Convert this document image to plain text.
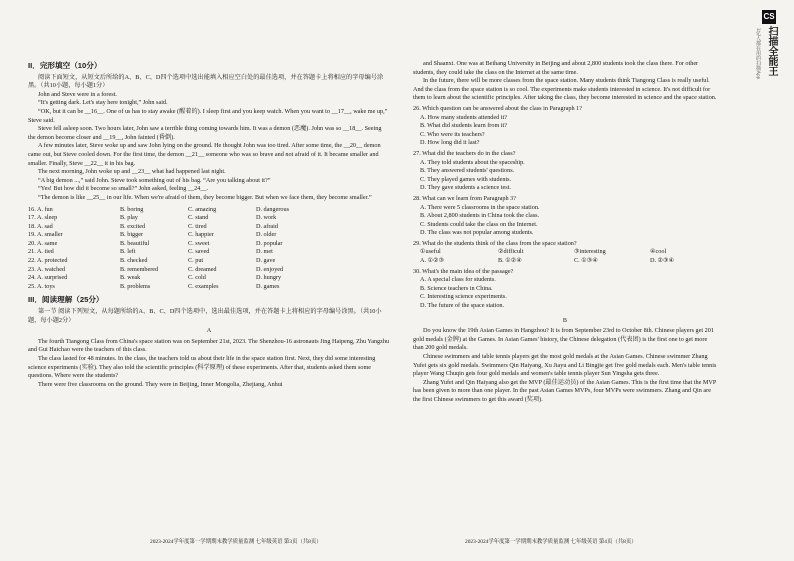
CS
扫描全能王
3亿人都在用的扫描App
II．完形填空（10分）

阅读下面短文，从短文后所给的A、B、C、D四个选项中选出能填入相应空白处的最佳选项，并在答题卡上将相应的字母编号涂黑。（共10小题，每小题1分）

John and Steve were in a forest.

“It's getting dark. Let's stay here tonight,” John said.

“OK, but it can be __16__. One of us has to stay awake (醒着的). I sleep first and you keep watch. When you want to __17__, wake me up,” Steve said.

Steve fell asleep soon. Two hours later, John saw a terrible thing coming towards him. It was a demon (恶魔). John was so __18__. Seeing the demon become closer and __19__, John fainted (昏倒).

A few minutes later, Steve woke up and saw John lying on the ground. He thought John was too tired. After some time, the __20__ demon came out, but Steve cooled down. For the first time, the demon __21__ someone who was so brave and not afraid of it. It became smaller and smaller. Finally, Steve __22__ it in his bag.

The next morning, John woke up and __23__ what had happened last night.

“A big demon ...,” said John. Steve took something out of his bag. “Are you talking about it?”

“Yes! But how did it become so small?” John asked, feeling __24__.

“The demon is like __25__ in our life. When we're afraid of them, they become bigger. But when we face them, they become smaller.”

16. A. fun	B. boring	C. amazing	D. dangerous
17. A. sleep	B. play	C. stand	D. work
18. A. sad	B. excited	C. tired	D. afraid
19. A. smaller	B. bigger	C. happier	D. older
20. A. same	B. beautiful	C. sweet	D. popular
21. A. tied	B. left	C. saved	D. met
22. A. protected	B. checked	C. put	D. gave
23. A. watched	B. remembered	C. dreamed	D. enjoyed
24. A. surprised	B. weak	C. cold	D. hungry
25. A. toys	B. problems	C. examples	D. games
III．阅读理解（25分）

第一节 阅读下列短文，从每题所给的A、B、C、D四个选项中，选出最佳选项，并在答题卡上将相应的字母编号涂黑。（共10小题，每小题2分）

A

The fourth Tiangong Class from China's space station was on September 21st, 2023. The Shenzhou-16 astronauts Jing Haipeng, Zhu Yangzhu and Gui Haichao were the teachers of this class.

The class lasted for 48 minutes. In the class, the teachers told us about their life in the space station first. Next, they did some interesting science experiments (实验). They also told the scientific principles (科学原理) of these experiments. After that, students asked them some questions. Where were the students?

There were five classrooms on the ground. They were in Beijing, Inner Mongolia, Zhejiang, Anhui

and Shaanxi. One was at Beihang University in Beijing and about 2,800 students took the class there. For other students, they could take the class on the Internet at the same time.

In the future, there will be more classes from the space station. Many students think Tiangong Class is really useful. And the class from the space station is so cool. The experiments make students interested in science. It's not difficult for them to learn about the scientific principles. After taking the class, they become interested in science and the space station.

26. Which question can be answered about the class in Paragraph 1?

A. How many students attended it?

B. What did students learn from it?

C. Who were its teachers?

D. How long did it last?

27. What did the teachers do in the class?

A. They told students about the spaceship.

B. They answered students' questions.

C. They played games with students.

D. They gave students a science test.

28. What can we learn from Paragraph 3?

A. There were 5 classrooms in the space station.

B. About 2,800 students in China took the class.

C. Students could take the class on the Internet.

D. The class was not popular among students.

29. What do the students think of the class from the space station?

①useful	②difficult	③interesting	④cool
A. ①②③	B. ①②④	C. ①③④	D. ②③④

30. What's the main idea of the passage?

A. A special class for students.

B. Science teachers in China.

C. Interesting science experiments.

D. The future of the space station.

B

Do you know the 19th Asian Games in Hangzhou? It is from September 23rd to October 8th. Chinese players get 201 gold medals (金牌) at the Games. In Asian Games' history, the Chinese delegation (代表团) is the first one to get more than 200 gold medals.

Chinese swimmers and table tennis players get the most gold medals at the Asian Games. Chinese swimmer Zhang Yufei gets six gold medals. Swimmers Qin Haiyang, Xu Jiayu and Li Bingjie get five gold medals each. Men's table tennis player Wang Chuqin gets four gold medals and women's table tennis player Sun Yingsha gets three.

Zhang Yufei and Qin Haiyang also get the MVP (最佳运动员) of the Asian Games. This is the first time that the MVP has been given to more than one player. In the past Asian Games MVPs, four MVPs were swimmers. Zhang and Qin are the first Chinese swimmers to get this award (奖项).

2023-2024学年度第一学期期末教学质量监测 七年级英语 第3页（共8页）	2023-2024学年度第一学期期末教学质量监测 七年级英语 第4页（共8页）
